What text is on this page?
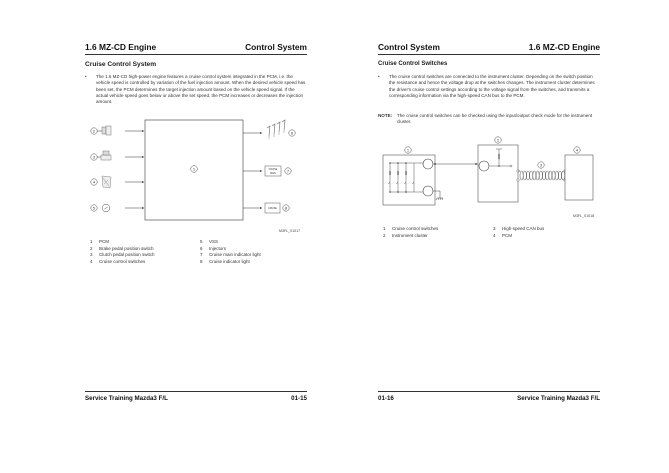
1.6 MZ-CD Engine	Control System
Cruise Control System
• The 1.6 MZ-CD high-power engine features a cruise control system integrated in the PCM, i.e. the vehicle speed is controlled by variation of the fuel injection amount. When the desired vehicle speed has been set, the PCM determines the target injection amount based on the vehicle speed signal. If the actual vehicle speed goes below or above the set speed, the PCM increases or decreases the injection amount.
1
2
3
4
5
6
CRUISE
MAIN
7
CRUISE 8
M3FL_01017
1	PCM
2	Brake pedal position switch
3	Clutch pedal position switch
4	Cruise control switches
5	VSS
6	Injectors
7	Cruise main indicator light
8	Cruise indicator light
Service Training Mazda3 F/L	01-15
Control System	1.6 MZ-CD Engine
Cruise Control Switches
• The cruise control switches are connected to the instrument cluster. Depending on the switch position the resistance and hence the voltage drop at the switches changes. The instrument cluster determines the driver's cruise control settings according to the voltage signal from the switches, and transmits a corresponding information via the high-speed CAN bus to the PCM.
NOTE: The cruise control switches can be checked using the input/output check mode for the instrument cluster.
1
2
3
4
M3FL_01018
1	Cruise control switches
2	Instrument cluster
3	High-speed CAN bus
4	PCM
01-16	Service Training Mazda3 F/L
